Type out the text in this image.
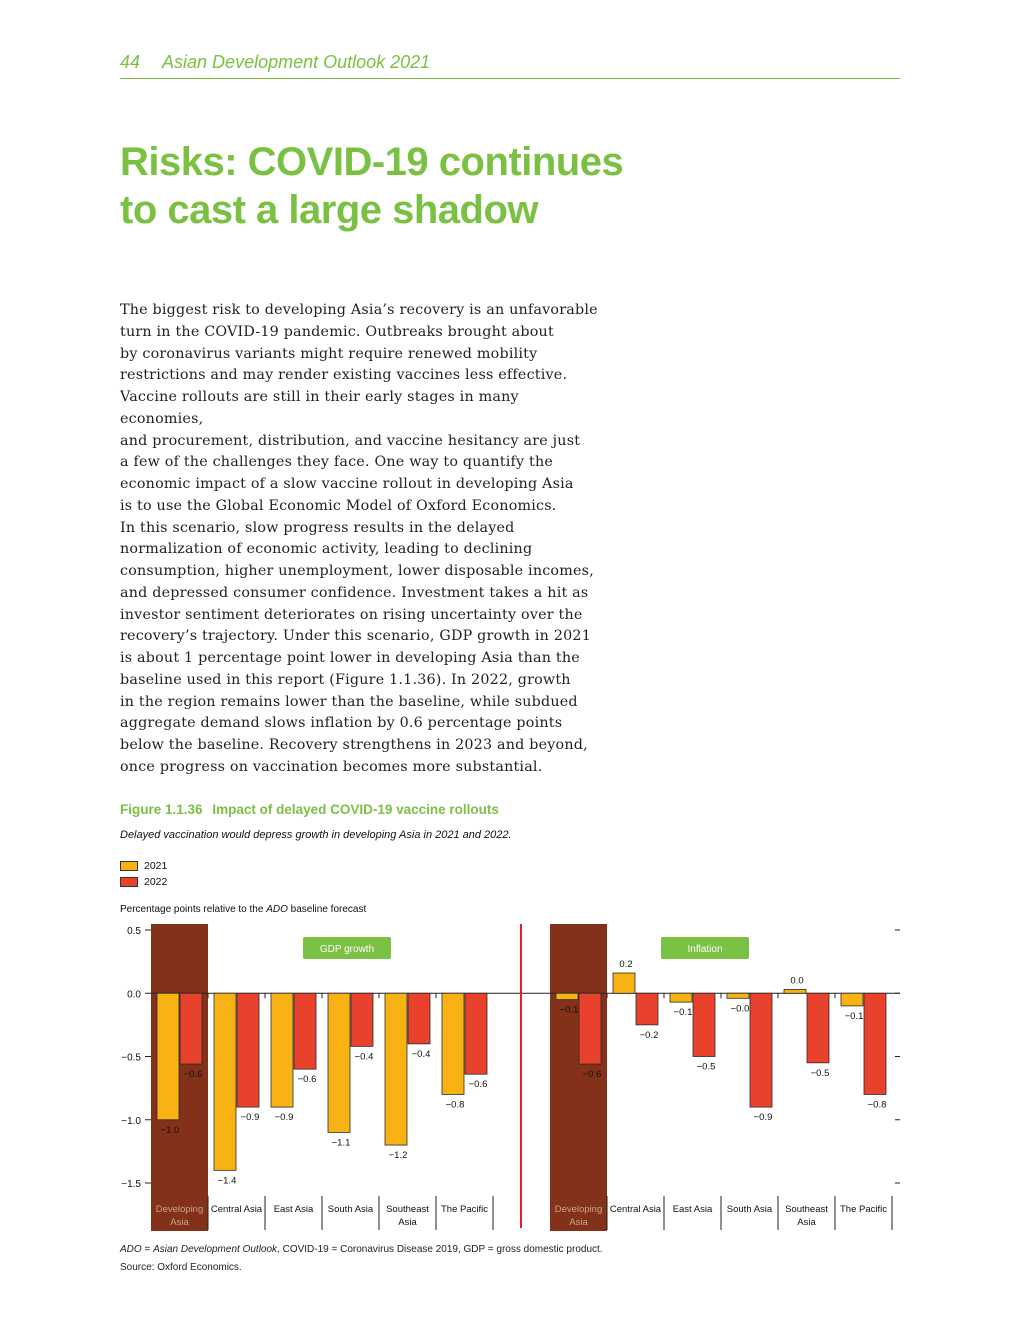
44 Asian Development Outlook 2021
Risks: COVID-19 continues
to cast a large shadow
The biggest risk to developing Asia’s recovery is an unfavorable
turn in the COVID-19 pandemic. Outbreaks brought about
by coronavirus variants might require renewed mobility
restrictions and may render existing vaccines less effective.
Vaccine rollouts are still in their early stages in many economies,
and procurement, distribution, and vaccine hesitancy are just
a few of the challenges they face. One way to quantify the
economic impact of a slow vaccine rollout in developing Asia
is to use the Global Economic Model of Oxford Economics.
In this scenario, slow progress results in the delayed
normalization of economic activity, leading to declining
consumption, higher unemployment, lower disposable incomes,
and depressed consumer confidence. Investment takes a hit as
investor sentiment deteriorates on rising uncertainty over the
recovery’s trajectory. Under this scenario, GDP growth in 2021
is about 1 percentage point lower in developing Asia than the
baseline used in this report (Figure 1.1.36). In 2022, growth
in the region remains lower than the baseline, while subdued
aggregate demand slows inflation by 0.6 percentage points
below the baseline. Recovery strengthens in 2023 and beyond,
once progress on vaccination becomes more substantial.
Figure 1.1.36 Impact of delayed COVID-19 vaccine rollouts
Delayed vaccination would depress growth in developing Asia in 2021 and 2022.
2021
2022
Percentage points relative to the ADO baseline forecast
0.5
0.0
−0.5
−1.0
−1.5
−1.0
−0.6
Developing
Asia
−1.4
−0.9
Central Asia
−0.9
−0.6
East Asia
−1.1
−0.4
South Asia
−1.2
−0.4
Southeast
Asia
−0.8
−0.6
The Pacific
GDP growth
−0.1
−0.6
Developing
Asia
0.2
−0.2
Central Asia
−0.1
−0.5
East Asia
−0.0
−0.9
South Asia
0.0
−0.5
Southeast
Asia
−0.1
−0.8
The Pacific
Inflation
ADO = Asian Development Outlook, COVID-19 = Coronavirus Disease 2019, GDP = gross domestic product.
Source: Oxford Economics.
